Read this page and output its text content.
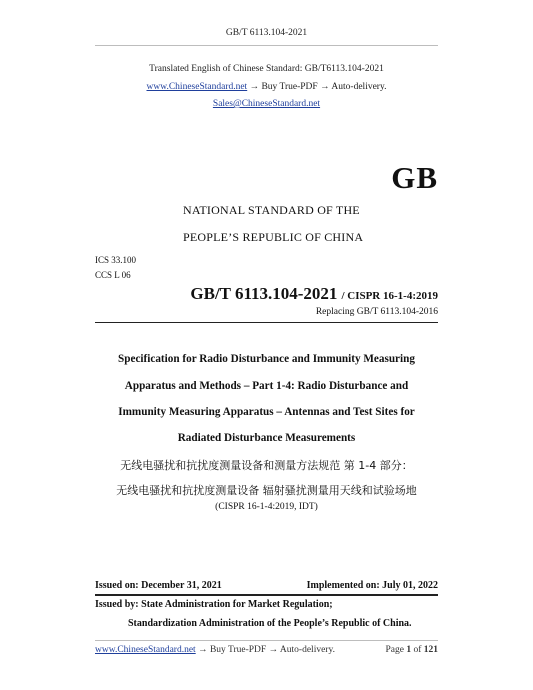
GB/T 6113.104-2021
Translated English of Chinese Standard: GB/T6113.104-2021
www.ChineseStandard.net → Buy True-PDF → Auto-delivery.
Sales@ChineseStandard.net
GB
NATIONAL STANDARD OF THE
PEOPLE’S REPUBLIC OF CHINA
ICS 33.100
CCS L 06
GB/T 6113.104-2021 / CISPR 16-1-4:2019
Replacing GB/T 6113.104-2016
Specification for Radio Disturbance and Immunity Measuring
Apparatus and Methods – Part 1-4: Radio Disturbance and
Immunity Measuring Apparatus – Antennas and Test Sites for
Radiated Disturbance Measurements
无线电骚扰和抗扰度测量设备和测量方法规范 第 1-4 部分：
无线电骚扰和抗扰度测量设备 辐射骚扰测量用天线和试验场地
(CISPR 16-1-4:2019, IDT)
Issued on: December 31, 2021	Implemented on: July 01, 2022
Issued by: State Administration for Market Regulation;
Standardization Administration of the People’s Republic of China.
www.ChineseStandard.net → Buy True-PDF → Auto-delivery.	Page 1 of 121
